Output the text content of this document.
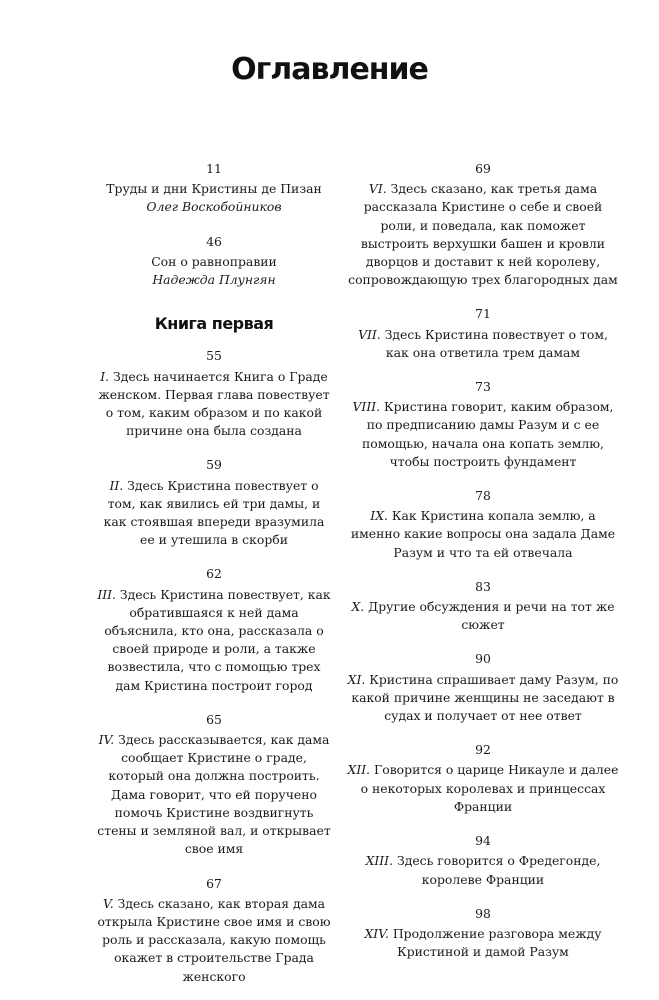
Оглавление
11
Труды и дни Кристины де Пизан
Олег Воскобойников
46
Сон о равноправии
Надежда Плунгян
Книга первая
55
I. Здесь начинается Книга о Граде женском. Первая глава повествует о том, каким образом и по какой причине она была создана
59
II. Здесь Кристина повествует о том, как явились ей три дамы, и как стоявшая впереди вразумила ее и утешила в скорби
62
III. Здесь Кристина повествует, как обратившаяся к ней дама объяснила, кто она, рассказала о своей природе и роли, а также возвестила, что с помощью трех дам Кристина построит город
65
IV. Здесь рассказывается, как дама сообщает Кристине о граде, который она должна построить. Дама говорит, что ей поручено помочь Кристине воздвигнуть стены и земляной вал, и открывает свое имя
67
V. Здесь сказано, как вторая дама открыла Кристине свое имя и свою роль и рассказала, какую помощь окажет в строительстве Града женского
69
VI. Здесь сказано, как третья дама рассказала Кристине о себе и своей роли, и поведала, как поможет выстроить верхушки башен и кровли дворцов и доставит к ней королеву, сопровождающую трех благородных дам
71
VII. Здесь Кристина повествует о том, как она ответила трем дамам
73
VIII. Кристина говорит, каким образом, по предписанию дамы Разум и с ее помощью, начала она копать землю, чтобы построить фундамент
78
IX. Как Кристина копала землю, а именно какие вопросы она задала Даме Разум и что та ей отвечала
83
X. Другие обсуждения и речи на тот же сюжет
90
XI. Кристина спрашивает даму Разум, по какой причине женщины не заседают в судах и получает от нее ответ
92
XII. Говорится о царице Никауле и далее о некоторых королевах и принцессах Франции
94
XIII. Здесь говорится о Фредегонде, королеве Франции
98
XIV. Продолжение разговора между Кристиной и дамой Разум
